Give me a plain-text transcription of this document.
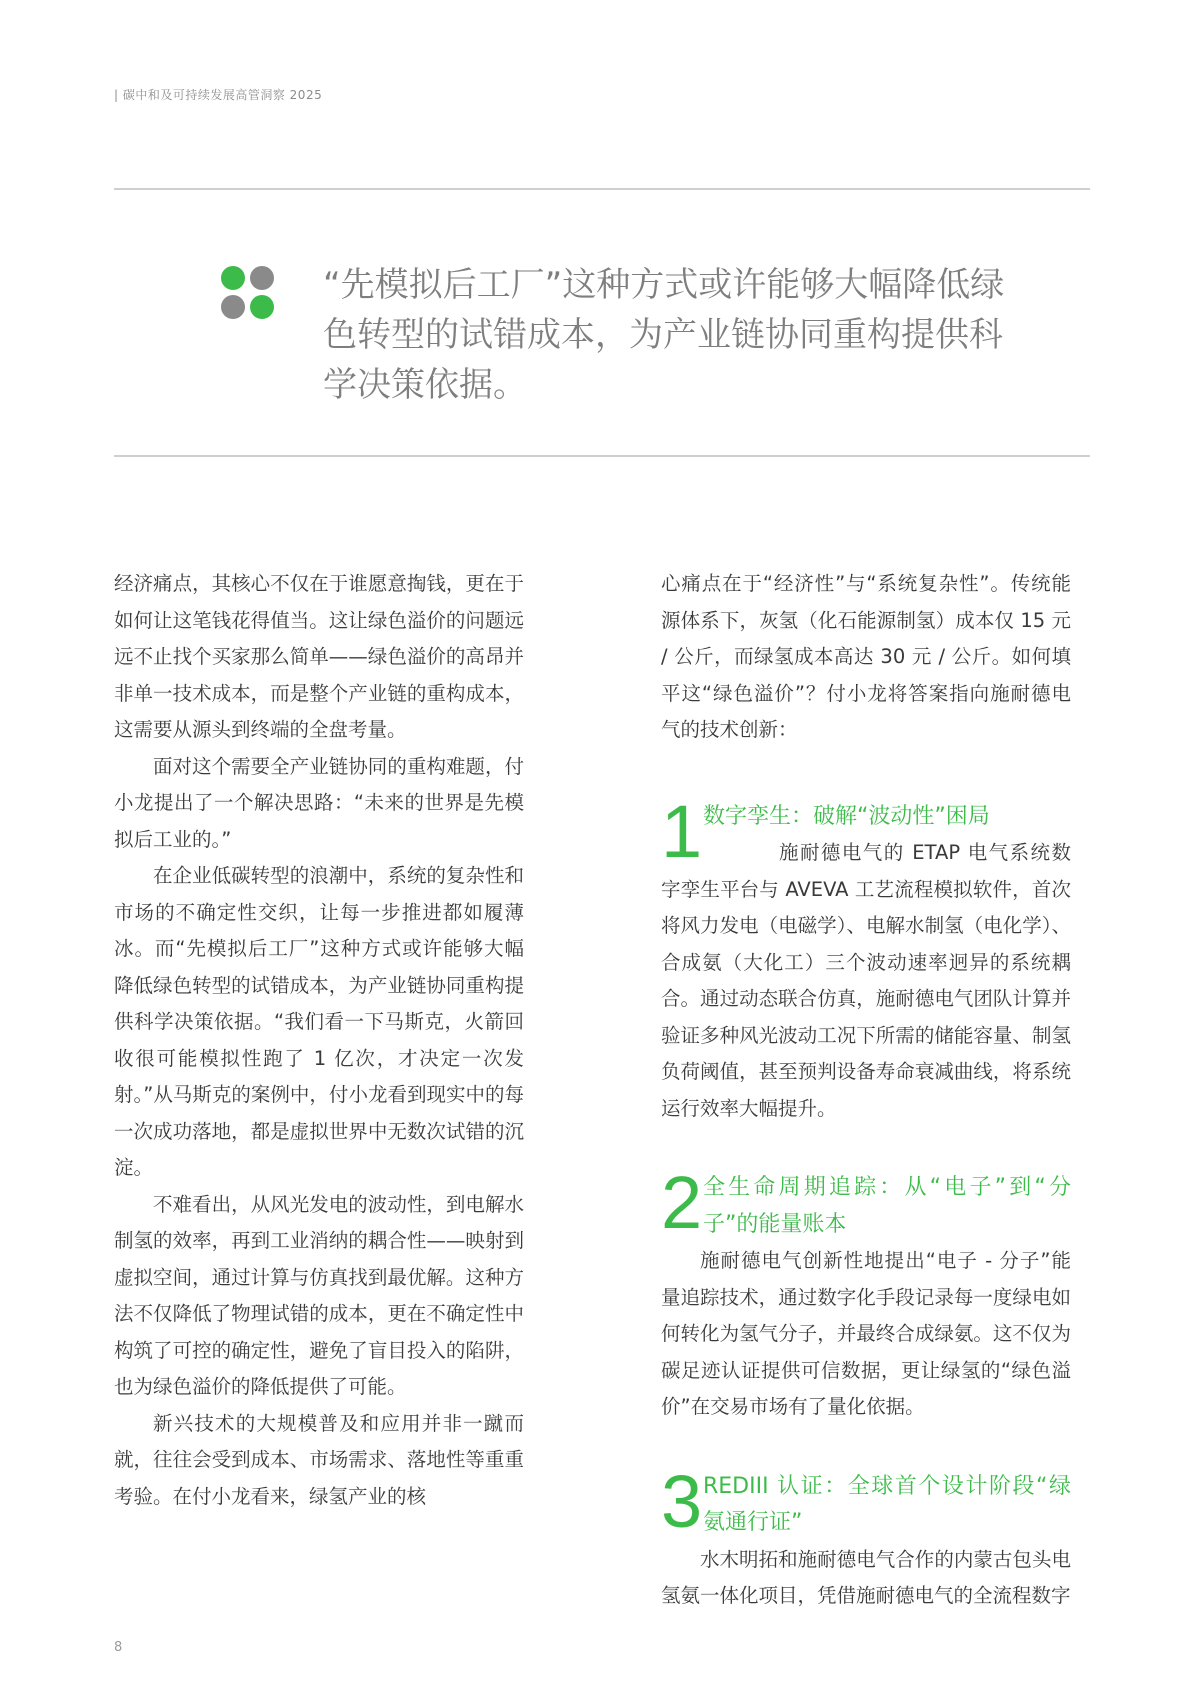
| 碳中和及可持续发展高管洞察 2025
“先模拟后工厂”这种方式或许能够大幅降低绿色转型的试错成本，为产业链协同重构提供科学决策依据。

经济痛点，其核心不仅在于谁愿意掏钱，更在于如何让这笔钱花得值当。这让绿色溢价的问题远远不止找个买家那么简单——绿色溢价的高昂并非单一技术成本，而是整个产业链的重构成本，这需要从源头到终端的全盘考量。

面对这个需要全产业链协同的重构难题，付小龙提出了一个解决思路：“未来的世界是先模拟后工业的。”

在企业低碳转型的浪潮中，系统的复杂性和市场的不确定性交织，让每一步推进都如履薄冰。而“先模拟后工厂”这种方式或许能够大幅降低绿色转型的试错成本，为产业链协同重构提供科学决策依据。“我们看一下马斯克，火箭回收很可能模拟性跑了 1 亿次，才决定一次发射。”从马斯克的案例中，付小龙看到现实中的每一次成功落地，都是虚拟世界中无数次试错的沉淀。

不难看出，从风光发电的波动性，到电解水制氢的效率，再到工业消纳的耦合性——映射到虚拟空间，通过计算与仿真找到最优解。这种方法不仅降低了物理试错的成本，更在不确定性中构筑了可控的确定性，避免了盲目投入的陷阱，也为绿色溢价的降低提供了可能。

新兴技术的大规模普及和应用并非一蹴而就，往往会受到成本、市场需求、落地性等重重考验。在付小龙看来，绿氢产业的核

心痛点在于“经济性”与“系统复杂性”。传统能源体系下，灰氢（化石能源制氢）成本仅 15 元 / 公斤，而绿氢成本高达 30 元 / 公斤。如何填平这“绿色溢价”？付小龙将答案指向施耐德电气的技术创新：

1 数字孪生：破解“波动性”困局

施耐德电气的 ETAP 电气系统数字孪生平台与 AVEVA 工艺流程模拟软件，首次将风力发电（电磁学）、电解水制氢（电化学）、合成氨（大化工）三个波动速率迥异的系统耦合。通过动态联合仿真，施耐德电气团队计算并验证多种风光波动工况下所需的储能容量、制氢负荷阈值，甚至预判设备寿命衰减曲线，将系统运行效率大幅提升。

2 全生命周期追踪：从“电子”到“分子”的能量账本

施耐德电气创新性地提出“电子 - 分子”能量追踪技术，通过数字化手段记录每一度绿电如何转化为氢气分子，并最终合成绿氨。这不仅为碳足迹认证提供可信数据，更让绿氢的“绿色溢价”在交易市场有了量化依据。

3 REDIII 认证：全球首个设计阶段“绿氨通行证”

水木明拓和施耐德电气合作的内蒙古包头电氢氨一体化项目，凭借施耐德电气的全流程数字

8
